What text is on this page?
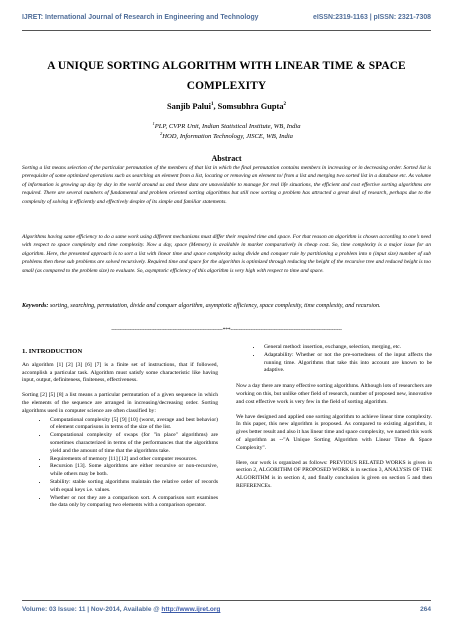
IJRET: International Journal of Research in Engineering and Technology	eISSN:2319-1163 | pISSN: 2321-7308
A UNIQUE SORTING ALGORITHM WITH LINEAR TIME & SPACE
COMPLEXITY
Sanjib Palui$^1$, Somsubhra Gupta$^2$
$^1$PLP, CVPR Unit, Indian Statistical Institute, WB, India
$^2$HOD, Information Technology, JISCE, WB, India
Abstract
Sorting a list means selection of the particular permutation of the members of that list in which the final permutation contains members in increasing or in decreasing order. Sorted list is prerequisite of some optimized operations such as searching an element from a list, locating or removing an element to/ from a list and merging two sorted list in a database etc. As volume of information is growing up day by day in the world around us and these data are unavoidable to manage for real life situations, the efficient and cost effective sorting algorithms are required. There are several numbers of fundamental and problem oriented sorting algorithms but still now sorting a problem has attracted a great deal of research, perhaps due to the complexity of solving it efficiently and effectively despite of its simple and familiar statements.
Algorithms having same efficiency to do a same work using different mechanisms must differ their required time and space. For that reason an algorithm is chosen according to one’s need with respect to space complexity and time complexity. Now a day, space (Memory) is available in market comparatively in cheap cost. So, time complexity is a major issue for an algorithm. Here, the presented approach is to sort a list with linear time and space complexity using divide and conquer rule by partitioning a problem into n (input size) number of sub problems then these sub problems are solved recursively. Required time and space for the algorithm is optimized through reducing the height of the recursive tree and reduced height is too small (as compared to the problem size) to evaluate. So, asymptotic efficiency of this algorithm is very high with respect to time and space.
Keywords: sorting, searching, permutation, divide and conquer algorithm, asymptotic efficiency, space complexity, time complexity, and recursion.
-------------------------------------------------------------------***-------------------------------------------------------------------
1. INTRODUCTION

An algorithm [1] [2] [3] [6] [7] is a finite set of instructions, that if followed, accomplish a particular task. Algorithm must satisfy some characteristic like having input, output, definiteness, finiteness, effectiveness.

Sorting [2] [5] [8] a list means a particular permutation of a given sequence in which the elements of the sequence are arranged in increasing/decreasing order. Sorting algorithms used in computer science are often classified by:

• Computational complexity [5] [9] [10] (worst, average and best behavior) of element comparisons in terms of the size of the list.
• Computational complexity of swaps (for "in place" algorithms) are sometimes characterized in terms of the performances that the algorithms yield and the amount of time that the algorithms take.
• Requirements of memory [11] [12] and other computer resources.
• Recursion [13]. Some algorithms are either recursive or non-recursive, while others may be both.
• Stability: stable sorting algorithms maintain the relative order of records with equal keys i.e. values.
• Whether or not they are a comparison sort. A comparison sort examines the data only by comparing two elements with a comparison operator.
• General method: insertion, exchange, selection, merging, etc.
• Adaptability: Whether or not the pre-sortedness of the input affects the running time. Algorithms that take this into account are known to be adaptive.

Now a day there are many effective sorting algorithms. Although lots of researchers are working on this, but unlike other field of research, number of proposed new, innovative and cost effective work is very few in the field of sorting algorithm.

We have designed and applied one sorting algorithm to achieve linear time complexity. In this paper, this new algorithm is proposed. As compared to existing algorithm, it gives better result and also it has linear time and space complexity, we named this work of algorithm as --"A Unique Sorting Algorithm with Linear Time & Space Complexity".

Here, our work is organized as follows: PREVIOUS RELATED WORKS is given in section 2, ALGORITHM OF PROPOSED WORK is in section 3, ANALYSIS OF THE ALGORITHM is in section 4, and finally conclusion is given on section 5 and then REFERENCEs.

Volume: 03 Issue: 11 | Nov-2014, Available @ http://www.ijret.org	264
